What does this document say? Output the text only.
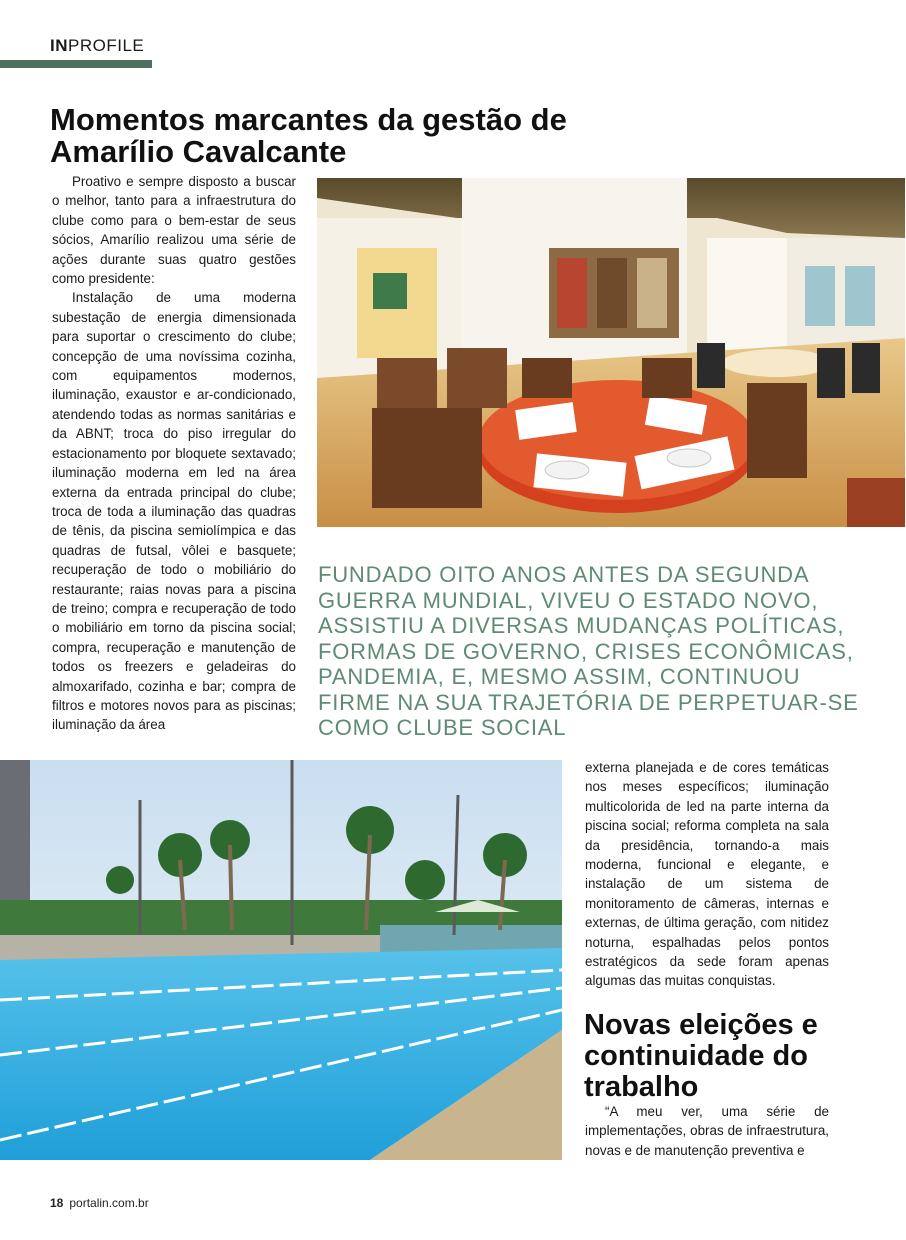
INPROFILE
Momentos marcantes da gestão de Amarílio Cavalcante

Proativo e sempre disposto a buscar o melhor, tanto para a infraestrutura do clube como para o bem-estar de seus sócios, Amarílio realizou uma série de ações durante suas quatro gestões como presidente:

Instalação de uma moderna subestação de energia dimensionada para suportar o crescimento do clube; concepção de uma novíssima cozinha, com equipamentos modernos, iluminação, exaustor e ar-condicionado, atendendo todas as normas sanitárias e da ABNT; troca do piso irregular do estacionamento por bloquete sextavado; iluminação moderna em led na área externa da entrada principal do clube; troca de toda a iluminação das quadras de tênis, da piscina semiolímpica e das quadras de futsal, vôlei e basquete; recuperação de todo o mobiliário do restaurante; raias novas para a piscina de treino; compra e recuperação de todo o mobiliário em torno da piscina social; compra, recuperação e manutenção de todos os freezers e geladeiras do almoxarifado, cozinha e bar; compra de filtros e motores novos para as piscinas; iluminação da área

FUNDADO OITO ANOS ANTES DA SEGUNDA GUERRA MUNDIAL, VIVEU O ESTADO NOVO, ASSISTIU A DIVERSAS MUDANÇAS POLÍTICAS, FORMAS DE GOVERNO, CRISES ECONÔMICAS, PANDEMIA, E, MESMO ASSIM, CONTINUOU FIRME NA SUA TRAJETÓRIA DE PERPETUAR-SE COMO CLUBE SOCIAL

externa planejada e de cores temáticas nos meses específicos; iluminação multicolorida de led na parte interna da piscina social; reforma completa na sala da presidência, tornando-a mais moderna, funcional e elegante, e instalação de um sistema de monitoramento de câmeras, internas e externas, de última geração, com nitidez noturna, espalhadas pelos pontos estratégicos da sede foram apenas algumas das muitas conquistas.

Novas eleições e continuidade do trabalho

“A meu ver, uma série de implementações, obras de infraestrutura, novas e de manutenção preventiva e

18 portalin.com.br
